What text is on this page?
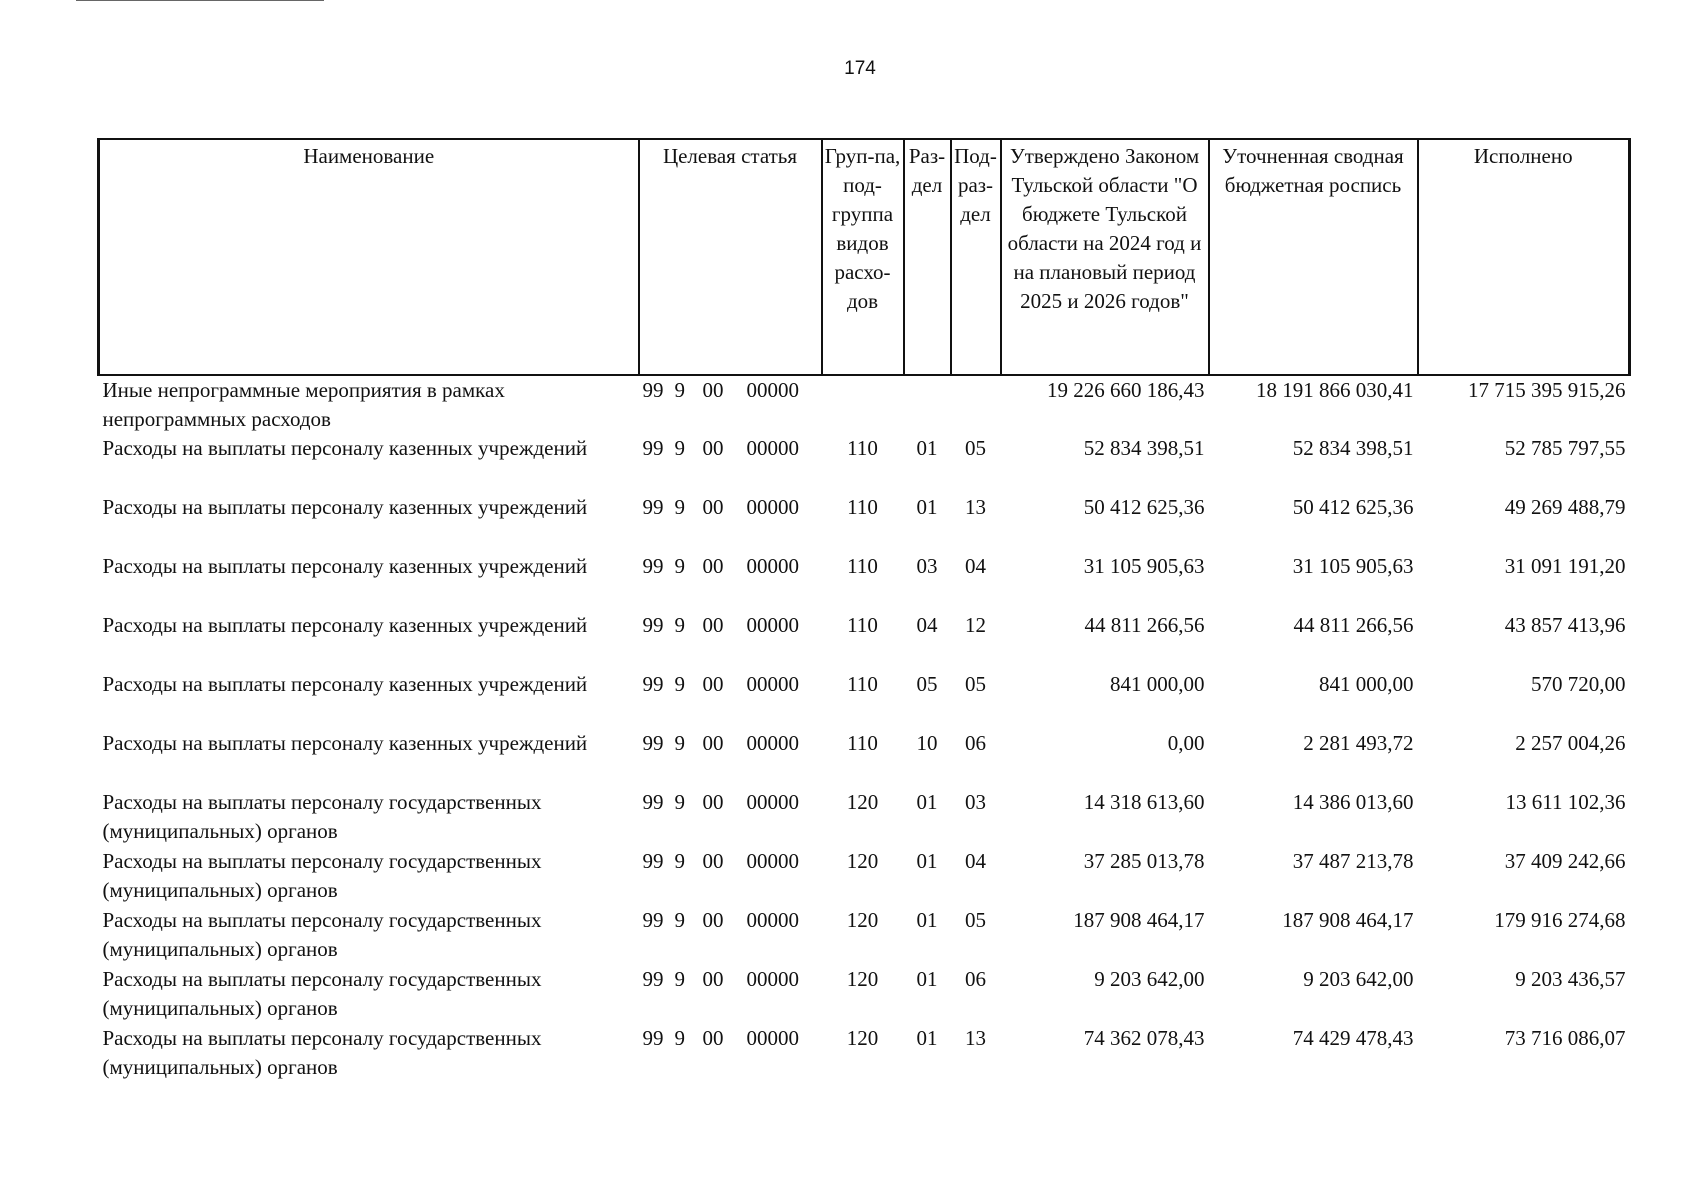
174
Наименование	Целевая статья	Груп-па, под-группа видов расхо-дов	Раз-дел	Под-раз-дел	Утверждено Законом Тульской области "О бюджете Тульской области на 2024 год и на плановый период 2025 и 2026 годов"	Уточненная сводная бюджетная роспись	Исполнено
Иные непрограммные мероприятия в рамках непрограммных расходов	99 9 00 00000				19 226 660 186,43	18 191 866 030,41	17 715 395 915,26
Расходы на выплаты персоналу казенных учреждений	99 9 00 00000	110	01	05	52 834 398,51	52 834 398,51	52 785 797,55
Расходы на выплаты персоналу казенных учреждений	99 9 00 00000	110	01	13	50 412 625,36	50 412 625,36	49 269 488,79
Расходы на выплаты персоналу казенных учреждений	99 9 00 00000	110	03	04	31 105 905,63	31 105 905,63	31 091 191,20
Расходы на выплаты персоналу казенных учреждений	99 9 00 00000	110	04	12	44 811 266,56	44 811 266,56	43 857 413,96
Расходы на выплаты персоналу казенных учреждений	99 9 00 00000	110	05	05	841 000,00	841 000,00	570 720,00
Расходы на выплаты персоналу казенных учреждений	99 9 00 00000	110	10	06	0,00	2 281 493,72	2 257 004,26
Расходы на выплаты персоналу государственных (муниципальных) органов	99 9 00 00000	120	01	03	14 318 613,60	14 386 013,60	13 611 102,36
Расходы на выплаты персоналу государственных (муниципальных) органов	99 9 00 00000	120	01	04	37 285 013,78	37 487 213,78	37 409 242,66
Расходы на выплаты персоналу государственных (муниципальных) органов	99 9 00 00000	120	01	05	187 908 464,17	187 908 464,17	179 916 274,68
Расходы на выплаты персоналу государственных (муниципальных) органов	99 9 00 00000	120	01	06	9 203 642,00	9 203 642,00	9 203 436,57
Расходы на выплаты персоналу государственных (муниципальных) органов	99 9 00 00000	120	01	13	74 362 078,43	74 429 478,43	73 716 086,07
